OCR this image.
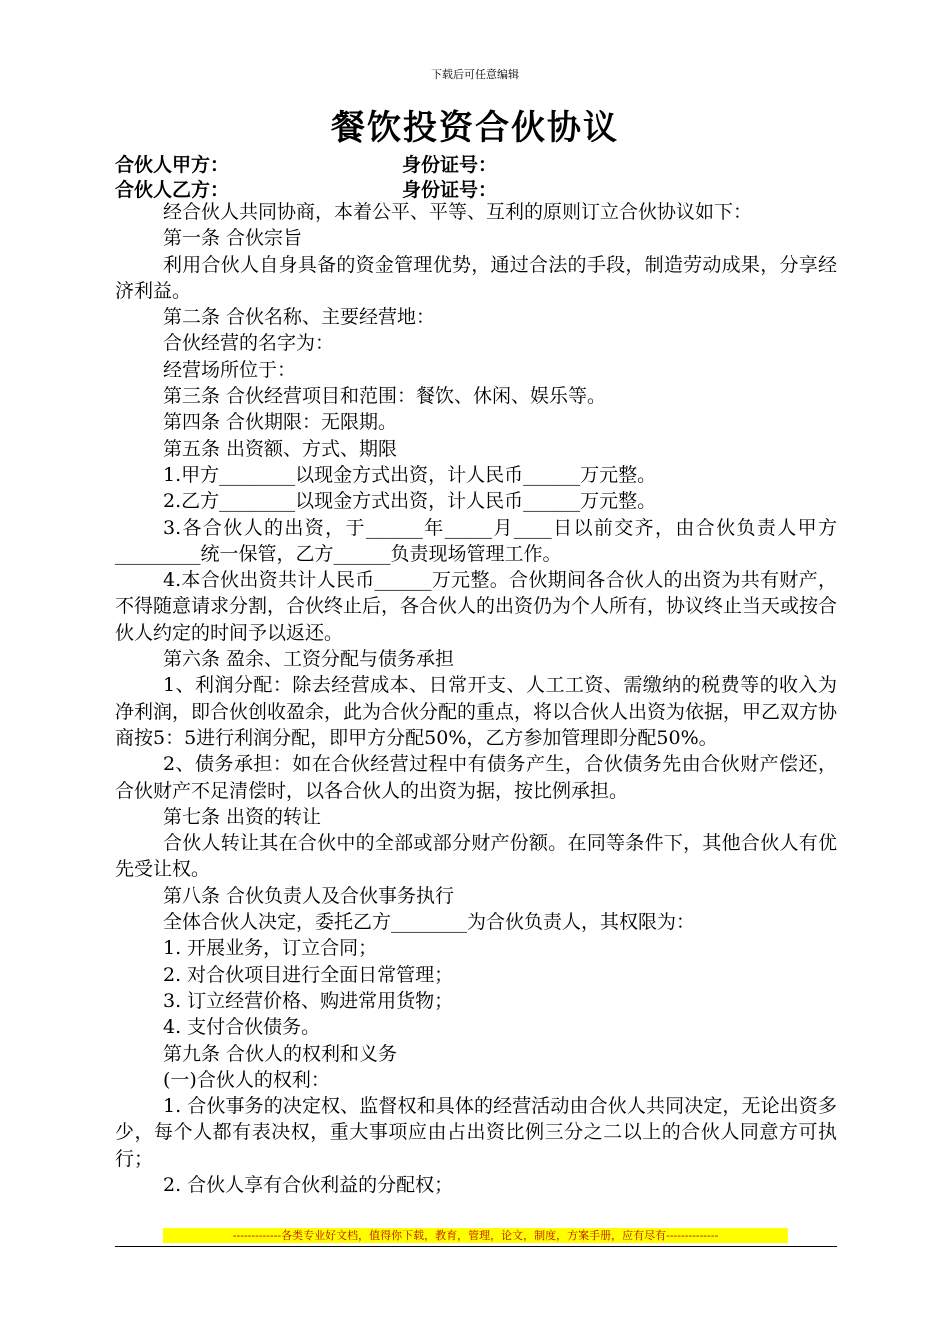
下载后可任意编辑
餐饮投资合伙协议
合伙人甲方：	身份证号：
合伙人乙方：	身份证号：

经合伙人共同协商，本着公平、平等、互利的原则订立合伙协议如下：

第一条 合伙宗旨

利用合伙人自身具备的资金管理优势，通过合法的手段，制造劳动成果，分享经济利益。

第二条 合伙名称、主要经营地：

合伙经营的名字为：

经营场所位于：

第三条 合伙经营项目和范围：餐饮、休闲、娱乐等。

第四条 合伙期限：无限期。

第五条 出资额、方式、期限

1.甲方________以现金方式出资，计人民币______万元整。

2.乙方________以现金方式出资，计人民币______万元整。

3.各合伙人的出资，于______年_____月____日以前交齐，由合伙负责人甲方_________统一保管，乙方______负责现场管理工作。

4.本合伙出资共计人民币______万元整。合伙期间各合伙人的出资为共有财产，不得随意请求分割，合伙终止后，各合伙人的出资仍为个人所有，协议终止当天或按合伙人约定的时间予以返还。

第六条 盈余、工资分配与债务承担

1、利润分配：除去经营成本、日常开支、人工工资、需缴纳的税费等的收入为净利润，即合伙创收盈余，此为合伙分配的重点，将以合伙人出资为依据，甲乙双方协商按5：5进行利润分配，即甲方分配50%，乙方参加管理即分配50%。

2、债务承担：如在合伙经营过程中有债务产生，合伙债务先由合伙财产偿还，合伙财产不足清偿时，以各合伙人的出资为据，按比例承担。

第七条 出资的转让

合伙人转让其在合伙中的全部或部分财产份额。在同等条件下，其他合伙人有优先受让权。

第八条 合伙负责人及合伙事务执行

全体合伙人决定，委托乙方________为合伙负责人，其权限为：

1. 开展业务，订立合同；

2. 对合伙项目进行全面日常管理；

3. 订立经营价格、购进常用货物；

4. 支付合伙债务。

第九条 合伙人的权利和义务

(一)合伙人的权利：

1. 合伙事务的决定权、监督权和具体的经营活动由合伙人共同决定，无论出资多少，每个人都有表决权，重大事项应由占出资比例三分之二以上的合伙人同意方可执行；

2. 合伙人享有合伙利益的分配权；

-------------各类专业好文档，值得你下载，教育，管理，论文，制度，方案手册，应有尽有--------------
